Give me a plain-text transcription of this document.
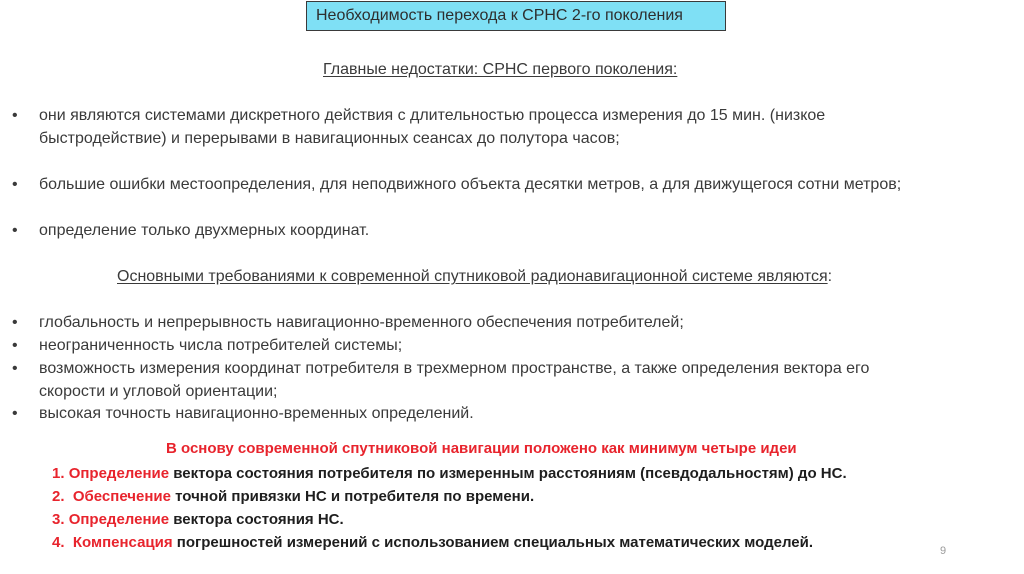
Необходимость перехода к СРНС 2-го поколения
Главные недостатки: СРНС первого поколения:
• они являются системами дискретного действия с длительностью процесса измерения до 15 мин. (низкое
быстродействие) и перерывами в навигационных сеансах до полутора часов;
• большие ошибки местоопределения, для неподвижного объекта десятки метров, а для движущегося сотни метров;
• определение только двухмерных координат.
Основными требованиями к современной спутниковой радионавигационной системе являются:
• глобальность и непрерывность навигационно-временного обеспечения потребителей;
• неограниченность числа потребителей системы;
• возможность измерения координат потребителя в трехмерном пространстве, а также определения вектора его
скорости и угловой ориентации;
• высокая точность навигационно-временных определений.
В основу современной спутниковой навигации положено как минимум четыре идеи
1. Определение вектора состояния потребителя по измеренным расстояниям (псевдодальностям) до НС.
2. Обеспечение точной привязки НС и потребителя по времени.
3. Определение вектора состояния НС.
4. Компенсация погрешностей измерений с использованием специальных математических моделей.	9
